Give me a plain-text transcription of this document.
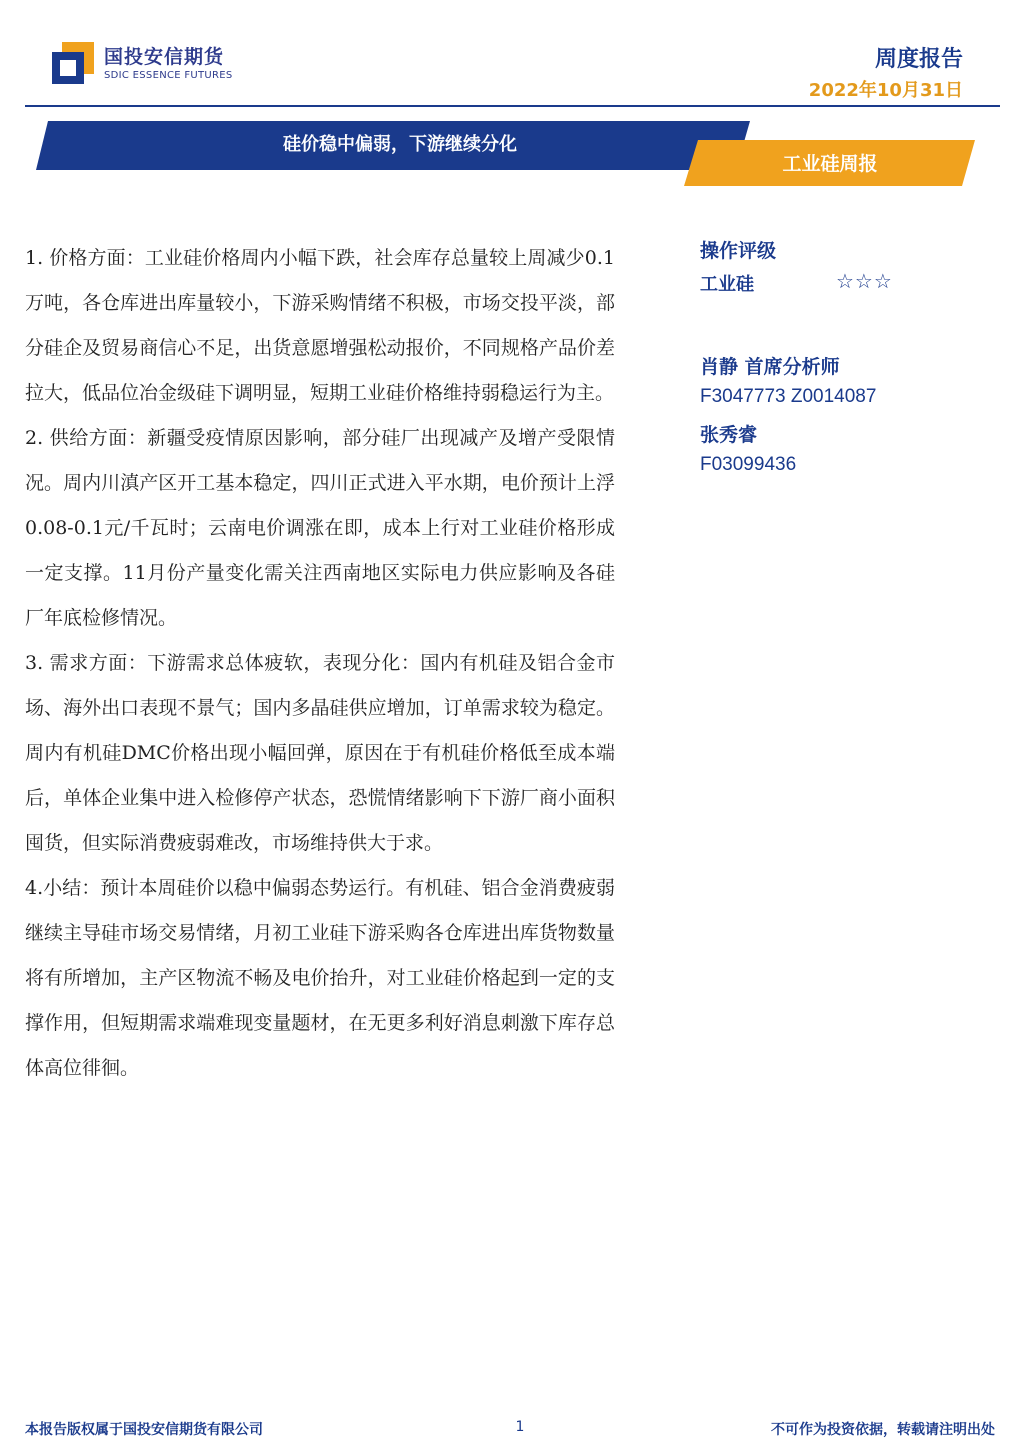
国投安信期货
SDIC ESSENCE FUTURES
周度报告
2022年10月31日
硅价稳中偏弱，下游继续分化
工业硅周报

1. 价格方面：工业硅价格周内小幅下跌，社会库存总量较上周减少0.1万吨，各仓库进出库量较小，下游采购情绪不积极，市场交投平淡，部分硅企及贸易商信心不足，出货意愿增强松动报价，不同规格产品价差拉大，低品位冶金级硅下调明显，短期工业硅价格维持弱稳运行为主。

2. 供给方面：新疆受疫情原因影响，部分硅厂出现减产及增产受限情况。周内川滇产区开工基本稳定，四川正式进入平水期，电价预计上浮0.08-0.1元/千瓦时；云南电价调涨在即，成本上行对工业硅价格形成一定支撑。11月份产量变化需关注西南地区实际电力供应影响及各硅厂年底检修情况。

3. 需求方面：下游需求总体疲软，表现分化：国内有机硅及铝合金市场、海外出口表现不景气；国内多晶硅供应增加，订单需求较为稳定。周内有机硅DMC价格出现小幅回弹，原因在于有机硅价格低至成本端后，单体企业集中进入检修停产状态，恐慌情绪影响下下游厂商小面积囤货，但实际消费疲弱难改，市场维持供大于求。

4.小结：预计本周硅价以稳中偏弱态势运行。有机硅、铝合金消费疲弱继续主导硅市场交易情绪，月初工业硅下游采购各仓库进出库货物数量将有所增加，主产区物流不畅及电价抬升，对工业硅价格起到一定的支撑作用，但短期需求端难现变量题材，在无更多利好消息刺激下库存总体高位徘徊。

操作评级
工业硅	☆☆☆
肖静 首席分析师
F3047773 Z0014087
张秀睿
F03099436
本报告版权属于国投安信期货有限公司	1	不可作为投资依据，转载请注明出处
